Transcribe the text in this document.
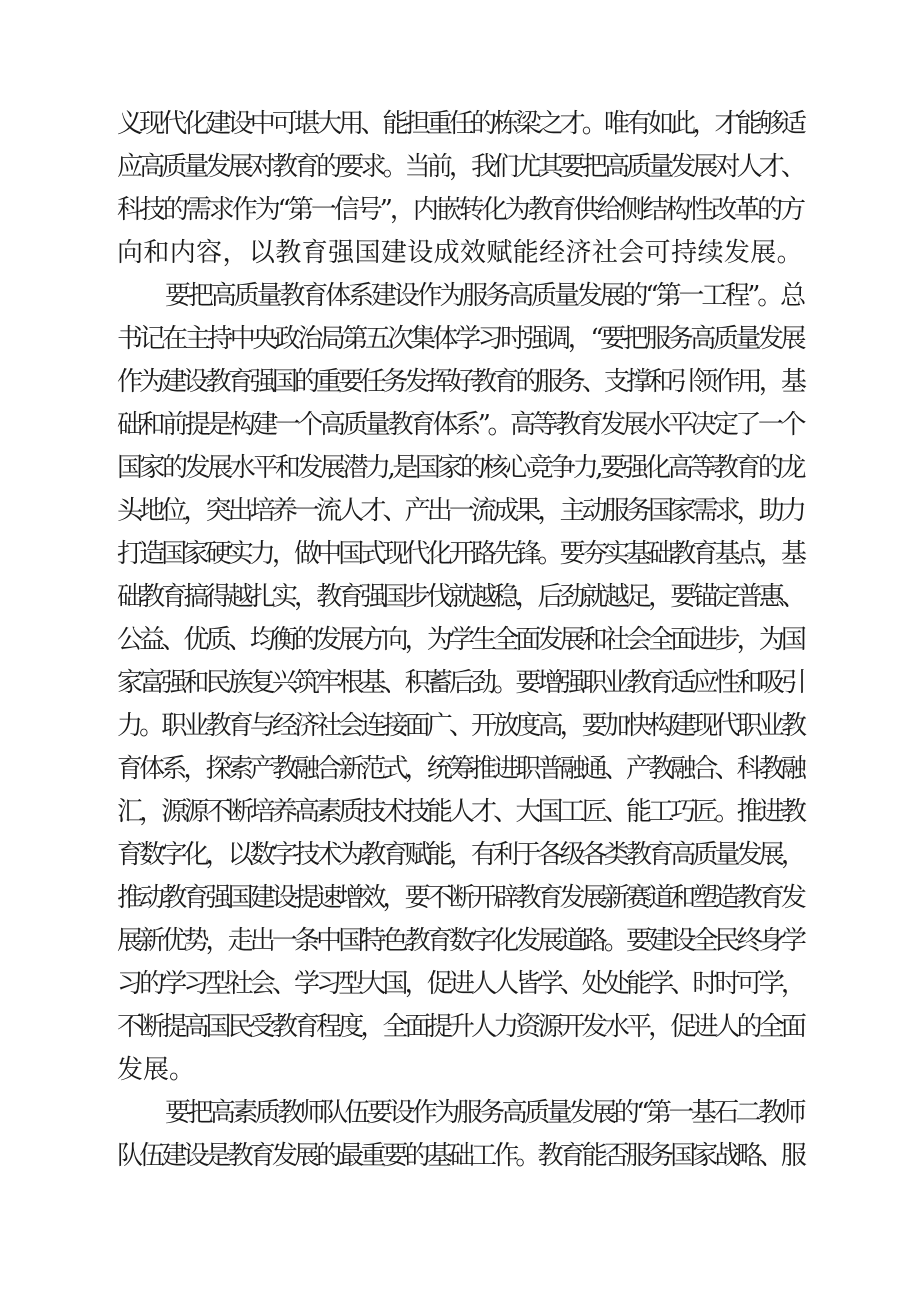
义现代化建设中可堪大用、能担重任的栋梁之才。唯有如此，才能够适
应高质量发展对教育的要求。当前，我们尤其要把高质量发展对人才、
科技的需求作为“第一信号”，内嵌转化为教育供给侧结构性改革的方
向和内容，以教育强国建设成效赋能经济社会可持续发展。
要把高质量教育体系建设作为服务高质量发展的“第一工程”。总
书记在主持中央政治局第五次集体学习时强调，“要把服务高质量发展
作为建设教育强国的重要任务发挥好教育的服务、支撑和引领作用，基
础和前提是构建一个高质量教育体系”。高等教育发展水平决定了一个
国家的发展水平和发展潜力,是国家的核心竞争力,要强化高等教育的龙
头地位，突出培养一流人才、产出一流成果，主动服务国家需求，助力
打造国家硬实力，做中国式现代化开路先锋。要夯实基础教育基点，基
础教育搞得越扎实，教育强国步伐就越稳，后劲就越足，要锚定普惠、
公益、优质、均衡的发展方向，为学生全面发展和社会全面进步，为国
家富强和民族复兴筑牢根基、积蓄后劲。要增强职业教育适应性和吸引
力。职业教育与经济社会连接面广、开放度高，要加快构建现代职业教
育体系，探索产教融合新范式，统筹推进职普融通、产教融合、科教融
汇，源源不断培养高素质技术技能人才、大国工匠、能工巧匠。推进教
育数字化，以数字技术为教育赋能，有利于各级各类教育高质量发展，
推动教育强国建设提速增效，要不断开辟教育发展新赛道和塑造教育发
展新优势，走出一条中国特色教育数字化发展道路。要建设全民终身学
习的学习型社会、学习型大国，促进人人皆学、处处能学、时时可学，
不断提高国民受教育程度，全面提升人力资源开发水平，促进人的全面
发展。
要把高素质教师队伍要设作为服务高质量发展的“第一基石二教师
队伍建设是教育发展的最重要的基础工作。教育能否服务国家战略、服
